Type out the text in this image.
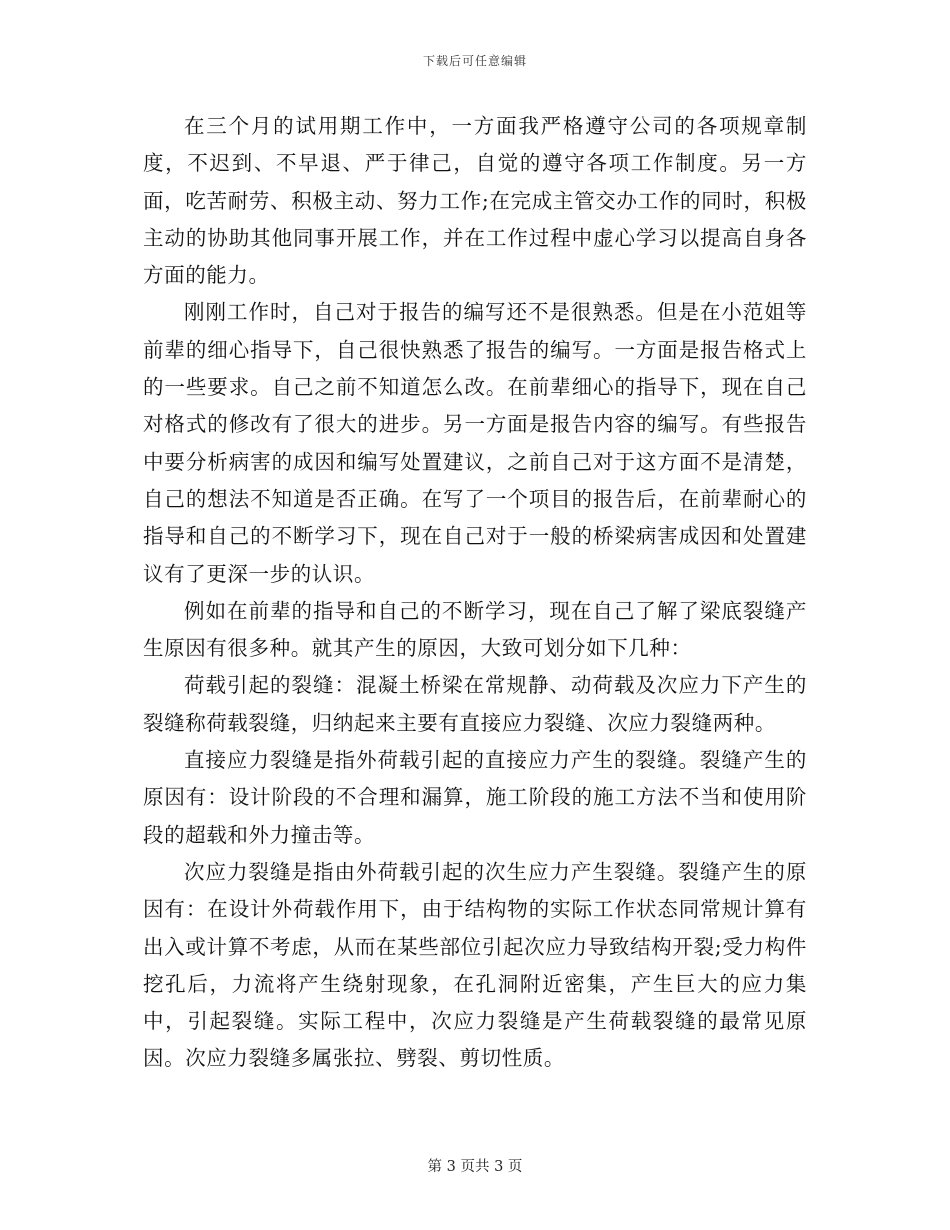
下载后可任意编辑

在三个月的试用期工作中，一方面我严格遵守公司的各项规章制度，不迟到、不早退、严于律己，自觉的遵守各项工作制度。另一方面，吃苦耐劳、积极主动、努力工作;在完成主管交办工作的同时，积极主动的协助其他同事开展工作，并在工作过程中虚心学习以提高自身各方面的能力。

刚刚工作时，自己对于报告的编写还不是很熟悉。但是在小范姐等前辈的细心指导下，自己很快熟悉了报告的编写。一方面是报告格式上的一些要求。自己之前不知道怎么改。在前辈细心的指导下，现在自己对格式的修改有了很大的进步。另一方面是报告内容的编写。有些报告中要分析病害的成因和编写处置建议，之前自己对于这方面不是清楚，自己的想法不知道是否正确。在写了一个项目的报告后，在前辈耐心的指导和自己的不断学习下，现在自己对于一般的桥梁病害成因和处置建议有了更深一步的认识。

例如在前辈的指导和自己的不断学习，现在自己了解了梁底裂缝产生原因有很多种。就其产生的原因，大致可划分如下几种：

荷载引起的裂缝：混凝土桥梁在常规静、动荷载及次应力下产生的裂缝称荷载裂缝，归纳起来主要有直接应力裂缝、次应力裂缝两种。

直接应力裂缝是指外荷载引起的直接应力产生的裂缝。裂缝产生的原因有：设计阶段的不合理和漏算，施工阶段的施工方法不当和使用阶段的超载和外力撞击等。

次应力裂缝是指由外荷载引起的次生应力产生裂缝。裂缝产生的原因有：在设计外荷载作用下，由于结构物的实际工作状态同常规计算有出入或计算不考虑，从而在某些部位引起次应力导致结构开裂;受力构件挖孔后，力流将产生绕射现象，在孔洞附近密集，产生巨大的应力集中，引起裂缝。实际工程中，次应力裂缝是产生荷载裂缝的最常见原因。次应力裂缝多属张拉、劈裂、剪切性质。

第 3 页共 3 页
